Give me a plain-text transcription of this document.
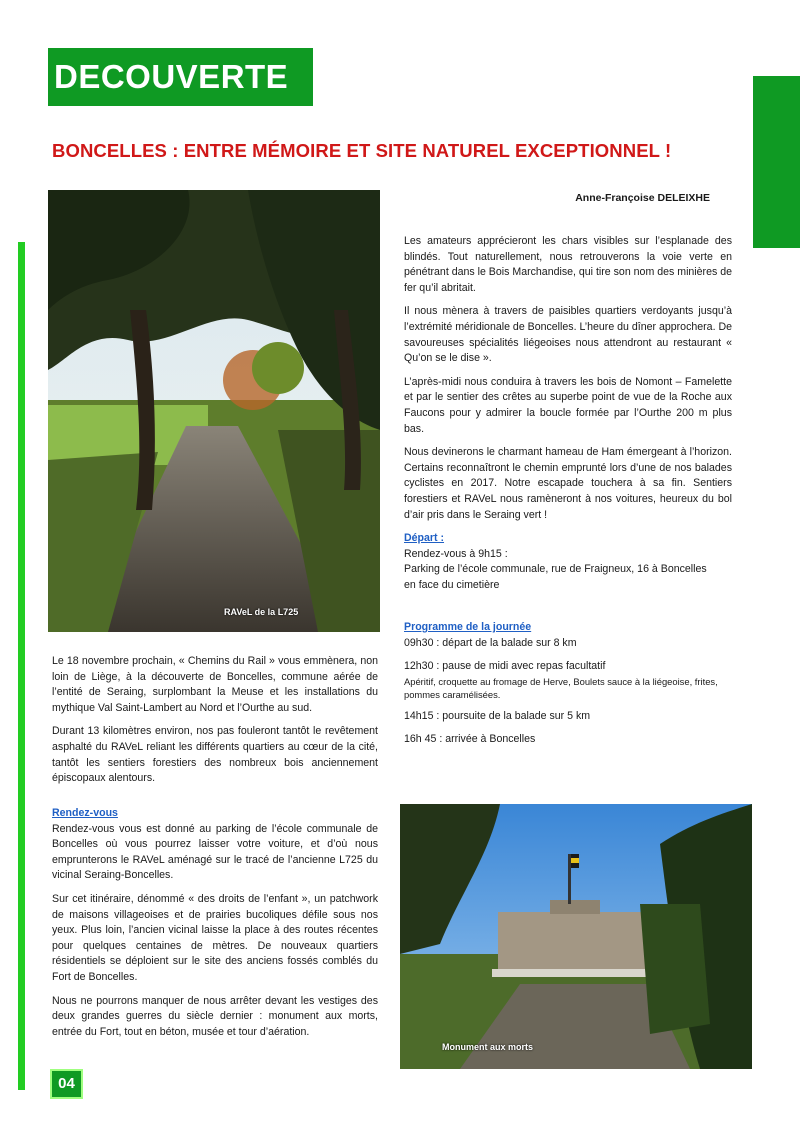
DECOUVERTE
BONCELLES : ENTRE MÉMOIRE ET SITE NATUREL EXCEPTIONNEL !
Anne-Françoise DELEIXHE
RAVeL de la L725
Monument aux morts

Le 18 novembre prochain, « Chemins du Rail » vous emmènera, non loin de Liège, à la découverte de Boncelles, commune aérée de l’entité de Seraing, surplombant la Meuse et les installations du mythique Val Saint-Lambert au Nord et l’Ourthe au sud.

Durant 13 kilomètres environ, nos pas fouleront tantôt le revêtement asphalté du RAVeL reliant les différents quartiers au cœur de la cité, tantôt les sentiers forestiers des nombreux bois anciennement épiscopaux alentours.

Rendez-vous

Rendez-vous vous est donné au parking de l’école communale de Boncelles où vous pourrez laisser votre voiture, et d’où nous emprunterons le RAVeL aménagé sur le tracé de l’ancienne L725 du vicinal Seraing-Boncelles.

Sur cet itinéraire, dénommé « des droits de l’enfant », un patchwork de maisons villageoises et de prairies bucoliques défile sous nos yeux. Plus loin, l’ancien vicinal laisse la place à des routes récentes pour quelques centaines de mètres. De nouveaux quartiers résidentiels se déploient sur le site des anciens fossés comblés du Fort de Boncelles.

Nous ne pourrons manquer de nous arrêter devant les vestiges des deux grandes guerres du siècle dernier : monument aux morts, entrée du Fort, tout en béton, musée et tour d’aération.

Les amateurs apprécieront les chars visibles sur l’esplanade des blindés. Tout naturellement, nous retrouverons la voie verte en pénétrant dans le Bois Marchandise, qui tire son nom des minières de fer qu’il abritait.

Il nous mènera à travers de paisibles quartiers verdoyants jusqu’à l’extrémité méridionale de Boncelles. L’heure du dîner approchera. De savoureuses spécialités liégeoises nous attendront au restaurant « Qu’on se le dise ».

L’après-midi nous conduira à travers les bois de Nomont – Famelette et par le sentier des crêtes au superbe point de vue de la Roche aux Faucons pour y admirer la boucle formée par l’Ourthe 200 m plus bas.

Nous devinerons le charmant hameau de Ham émergeant à l’horizon. Certains reconnaîtront le chemin emprunté lors d’une de nos balades cyclistes en 2017. Notre escapade touchera à sa fin. Sentiers forestiers et RAVeL nous ramèneront à nos voitures, heureux du bol d’air pris dans le Seraing vert !

Départ :
Rendez-vous à 9h15 :
Parking de l’école communale, rue de Fraigneux, 16 à Boncelles
en face du cimetière
Programme de la journée
09h30 : départ de la balade sur 8 km
12h30 : pause de midi avec repas facultatif
Apéritif, croquette au fromage de Herve, Boulets sauce à la liégeoise, frites, pommes caramélisées.
14h15 : poursuite de la balade sur 5 km
16h 45 : arrivée à Boncelles
04
